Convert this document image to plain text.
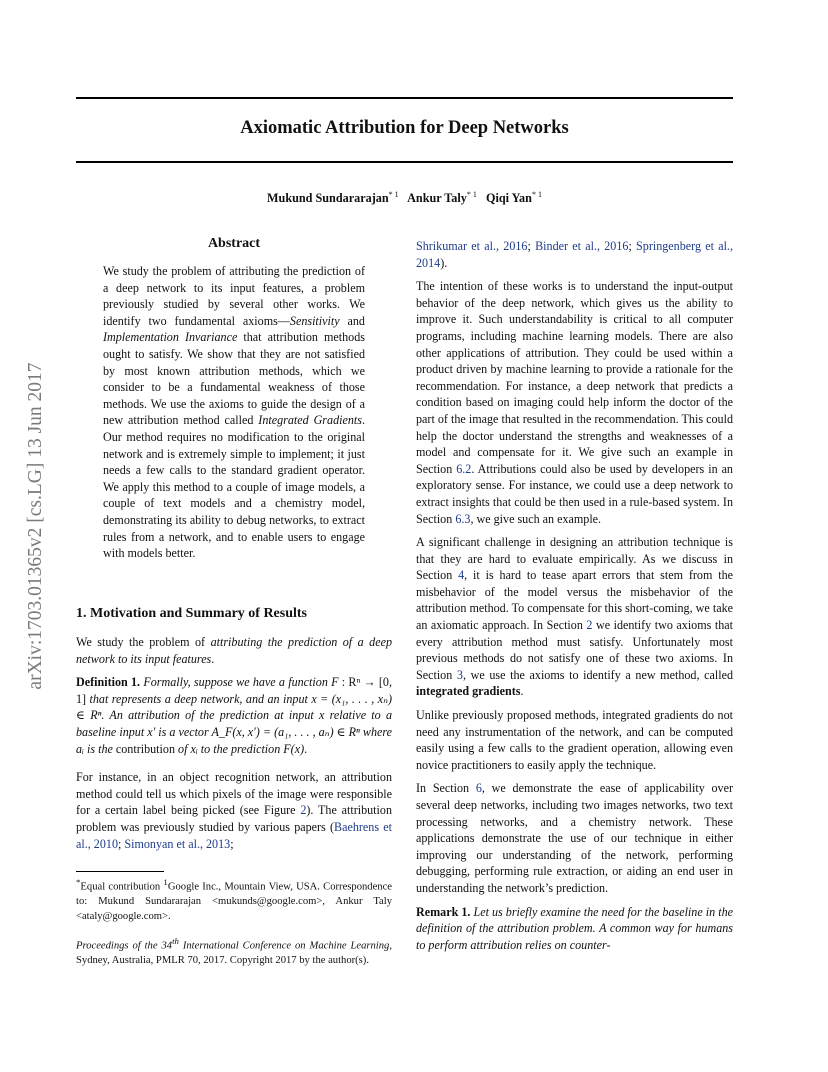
arXiv:1703.01365v2 [cs.LG] 13 Jun 2017
Axiomatic Attribution for Deep Networks
Mukund Sundararajan$^{* 1}$ Ankur Taly$^{* 1}$ Qiqi Yan$^{* 1}$
Abstract
We study the problem of attributing the prediction of a deep network to its input features, a problem previously studied by several other works. We identify two fundamental axioms—Sensitivity and Implementation Invariance that attribution methods ought to satisfy. We show that they are not satisfied by most known attribution methods, which we consider to be a fundamental weakness of those methods. We use the axioms to guide the design of a new attribution method called Integrated Gradients. Our method requires no modification to the original network and is extremely simple to implement; it just needs a few calls to the standard gradient operator. We apply this method to a couple of image models, a couple of text models and a chemistry model, demonstrating its ability to debug networks, to extract rules from a network, and to enable users to engage with models better.
1. Motivation and Summary of Results

We study the problem of attributing the prediction of a deep network to its input features.

Definition 1. Formally, suppose we have a function F : Rⁿ → [0, 1] that represents a deep network, and an input x = (x₁, . . . , xₙ) ∈ Rⁿ. An attribution of the prediction at input x relative to a baseline input x′ is a vector A_F(x, x′) = (a₁, . . . , aₙ) ∈ Rⁿ where aᵢ is the contribution of xᵢ to the prediction F(x).

For instance, in an object recognition network, an attribution method could tell us which pixels of the image were responsible for a certain label being picked (see Figure 2). The attribution problem was previously studied by various papers (Baehrens et al., 2010; Simonyan et al., 2013;

*Equal contribution $^1$Google Inc., Mountain View, USA. Correspondence to: Mukund Sundararajan <mukunds@google.com>, Ankur Taly <ataly@google.com>.
Proceedings of the 34th International Conference on Machine Learning, Sydney, Australia, PMLR 70, 2017. Copyright 2017 by the author(s).

Shrikumar et al., 2016; Binder et al., 2016; Springenberg et al., 2014).

The intention of these works is to understand the input-output behavior of the deep network, which gives us the ability to improve it. Such understandability is critical to all computer programs, including machine learning models. There are also other applications of attribution. They could be used within a product driven by machine learning to provide a rationale for the recommendation. For instance, a deep network that predicts a condition based on imaging could help inform the doctor of the part of the image that resulted in the recommendation. This could help the doctor understand the strengths and weaknesses of a model and compensate for it. We give such an example in Section 6.2. Attributions could also be used by developers in an exploratory sense. For instance, we could use a deep network to extract insights that could be then used in a rule-based system. In Section 6.3, we give such an example.

A significant challenge in designing an attribution technique is that they are hard to evaluate empirically. As we discuss in Section 4, it is hard to tease apart errors that stem from the misbehavior of the model versus the misbehavior of the attribution method. To compensate for this short-coming, we take an axiomatic approach. In Section 2 we identify two axioms that every attribution method must satisfy. Unfortunately most previous methods do not satisfy one of these two axioms. In Section 3, we use the axioms to identify a new method, called integrated gradients.

Unlike previously proposed methods, integrated gradients do not need any instrumentation of the network, and can be computed easily using a few calls to the gradient operation, allowing even novice practitioners to easily apply the technique.

In Section 6, we demonstrate the ease of applicability over several deep networks, including two images networks, two text processing networks, and a chemistry network. These applications demonstrate the use of our technique in either improving our understanding of the network, performing debugging, performing rule extraction, or aiding an end user in understanding the network’s prediction.

Remark 1. Let us briefly examine the need for the baseline in the definition of the attribution problem. A common way for humans to perform attribution relies on counter-
